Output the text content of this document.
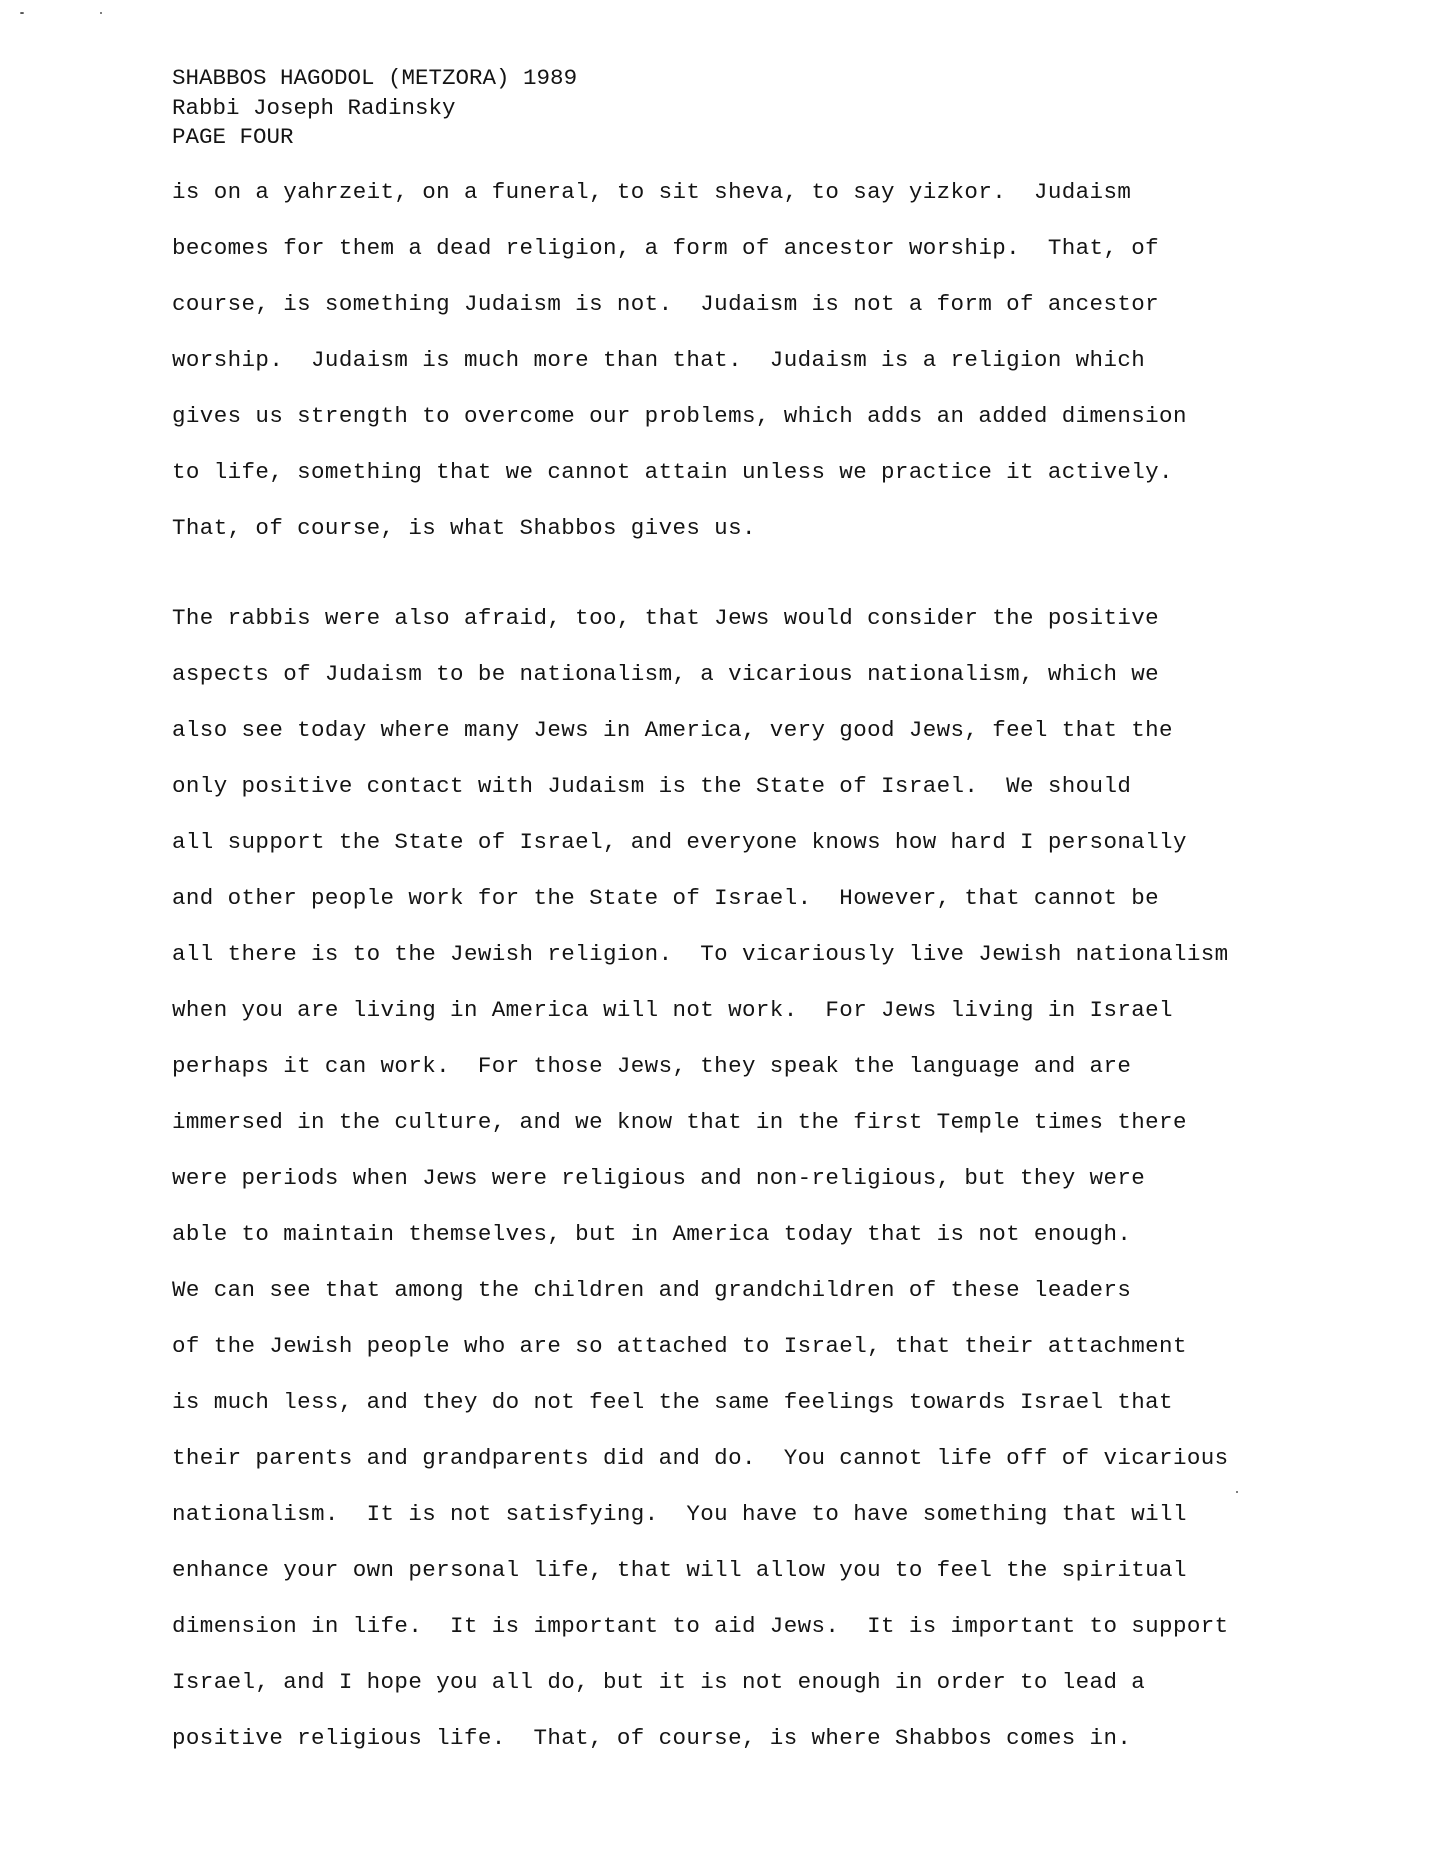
SHABBOS HAGODOL (METZORA) 1989
Rabbi Joseph Radinsky
PAGE FOUR
is on a yahrzeit, on a funeral, to sit sheva, to say yizkor.  Judaism
becomes for them a dead religion, a form of ancestor worship.  That, of
course, is something Judaism is not.  Judaism is not a form of ancestor
worship.  Judaism is much more than that.  Judaism is a religion which
gives us strength to overcome our problems, which adds an added dimension
to life, something that we cannot attain unless we practice it actively.
That, of course, is what Shabbos gives us.
The rabbis were also afraid, too, that Jews would consider the positive
aspects of Judaism to be nationalism, a vicarious nationalism, which we
also see today where many Jews in America, very good Jews, feel that the
only positive contact with Judaism is the State of Israel.  We should
all support the State of Israel, and everyone knows how hard I personally
and other people work for the State of Israel.  However, that cannot be
all there is to the Jewish religion.  To vicariously live Jewish nationalism
when you are living in America will not work.  For Jews living in Israel
perhaps it can work.  For those Jews, they speak the language and are
immersed in the culture, and we know that in the first Temple times there
were periods when Jews were religious and non-religious, but they were
able to maintain themselves, but in America today that is not enough.
We can see that among the children and grandchildren of these leaders
of the Jewish people who are so attached to Israel, that their attachment
is much less, and they do not feel the same feelings towards Israel that
their parents and grandparents did and do.  You cannot life off of vicarious
nationalism.  It is not satisfying.  You have to have something that will
enhance your own personal life, that will allow you to feel the spiritual
dimension in life.  It is important to aid Jews.  It is important to support
Israel, and I hope you all do, but it is not enough in order to lead a
positive religious life.  That, of course, is where Shabbos comes in.
